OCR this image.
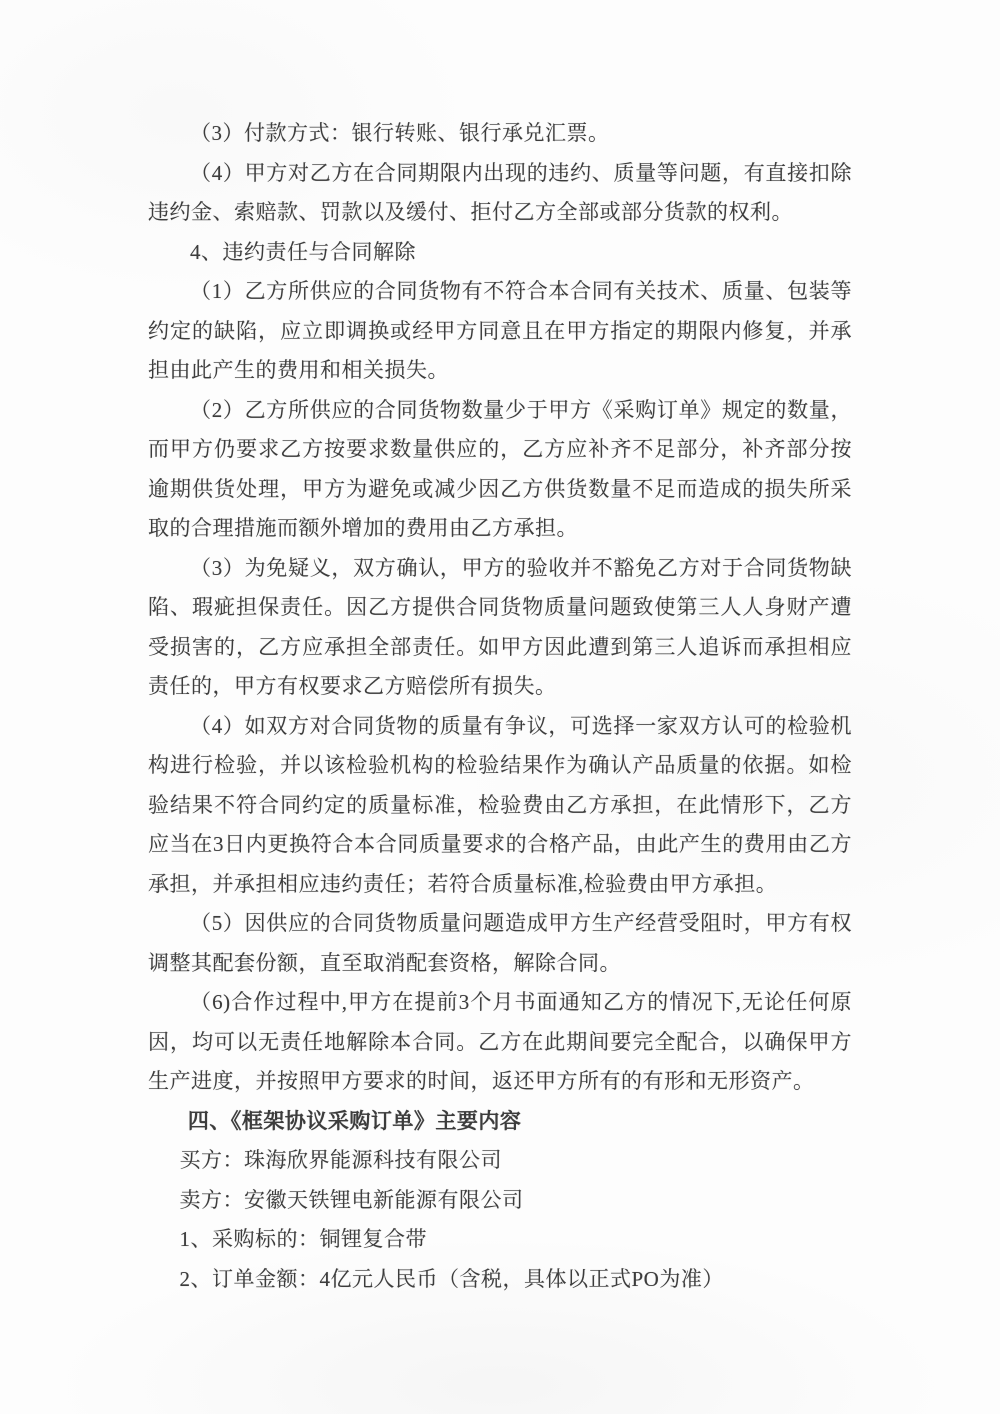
（3）付款方式：银行转账、银行承兑汇票。

（4）甲方对乙方在合同期限内出现的违约、质量等问题，有直接扣除违约金、索赔款、罚款以及缓付、拒付乙方全部或部分货款的权利。

4、违约责任与合同解除

（1）乙方所供应的合同货物有不符合本合同有关技术、质量、包装等约定的缺陷，应立即调换或经甲方同意且在甲方指定的期限内修复，并承担由此产生的费用和相关损失。

（2）乙方所供应的合同货物数量少于甲方《采购订单》规定的数量，而甲方仍要求乙方按要求数量供应的，乙方应补齐不足部分，补齐部分按逾期供货处理，甲方为避免或减少因乙方供货数量不足而造成的损失所采取的合理措施而额外增加的费用由乙方承担。

（3）为免疑义，双方确认，甲方的验收并不豁免乙方对于合同货物缺陷、瑕疵担保责任。因乙方提供合同货物质量问题致使第三人人身财产遭受损害的，乙方应承担全部责任。如甲方因此遭到第三人追诉而承担相应责任的，甲方有权要求乙方赔偿所有损失。

（4）如双方对合同货物的质量有争议，可选择一家双方认可的检验机构进行检验，并以该检验机构的检验结果作为确认产品质量的依据。如检验结果不符合同约定的质量标准，检验费由乙方承担，在此情形下，乙方应当在3日内更换符合本合同质量要求的合格产品，由此产生的费用由乙方承担，并承担相应违约责任；若符合质量标准,检验费由甲方承担。

（5）因供应的合同货物质量问题造成甲方生产经营受阻时，甲方有权调整其配套份额，直至取消配套资格，解除合同。

（6)合作过程中,甲方在提前3个月书面通知乙方的情况下,无论任何原因，均可以无责任地解除本合同。乙方在此期间要完全配合，以确保甲方生产进度，并按照甲方要求的时间，返还甲方所有的有形和无形资产。

四、《框架协议采购订单》主要内容

买方：珠海欣界能源科技有限公司

卖方：安徽天铁锂电新能源有限公司

1、采购标的：铜锂复合带

2、订单金额：4亿元人民币（含税，具体以正式PO为准）
